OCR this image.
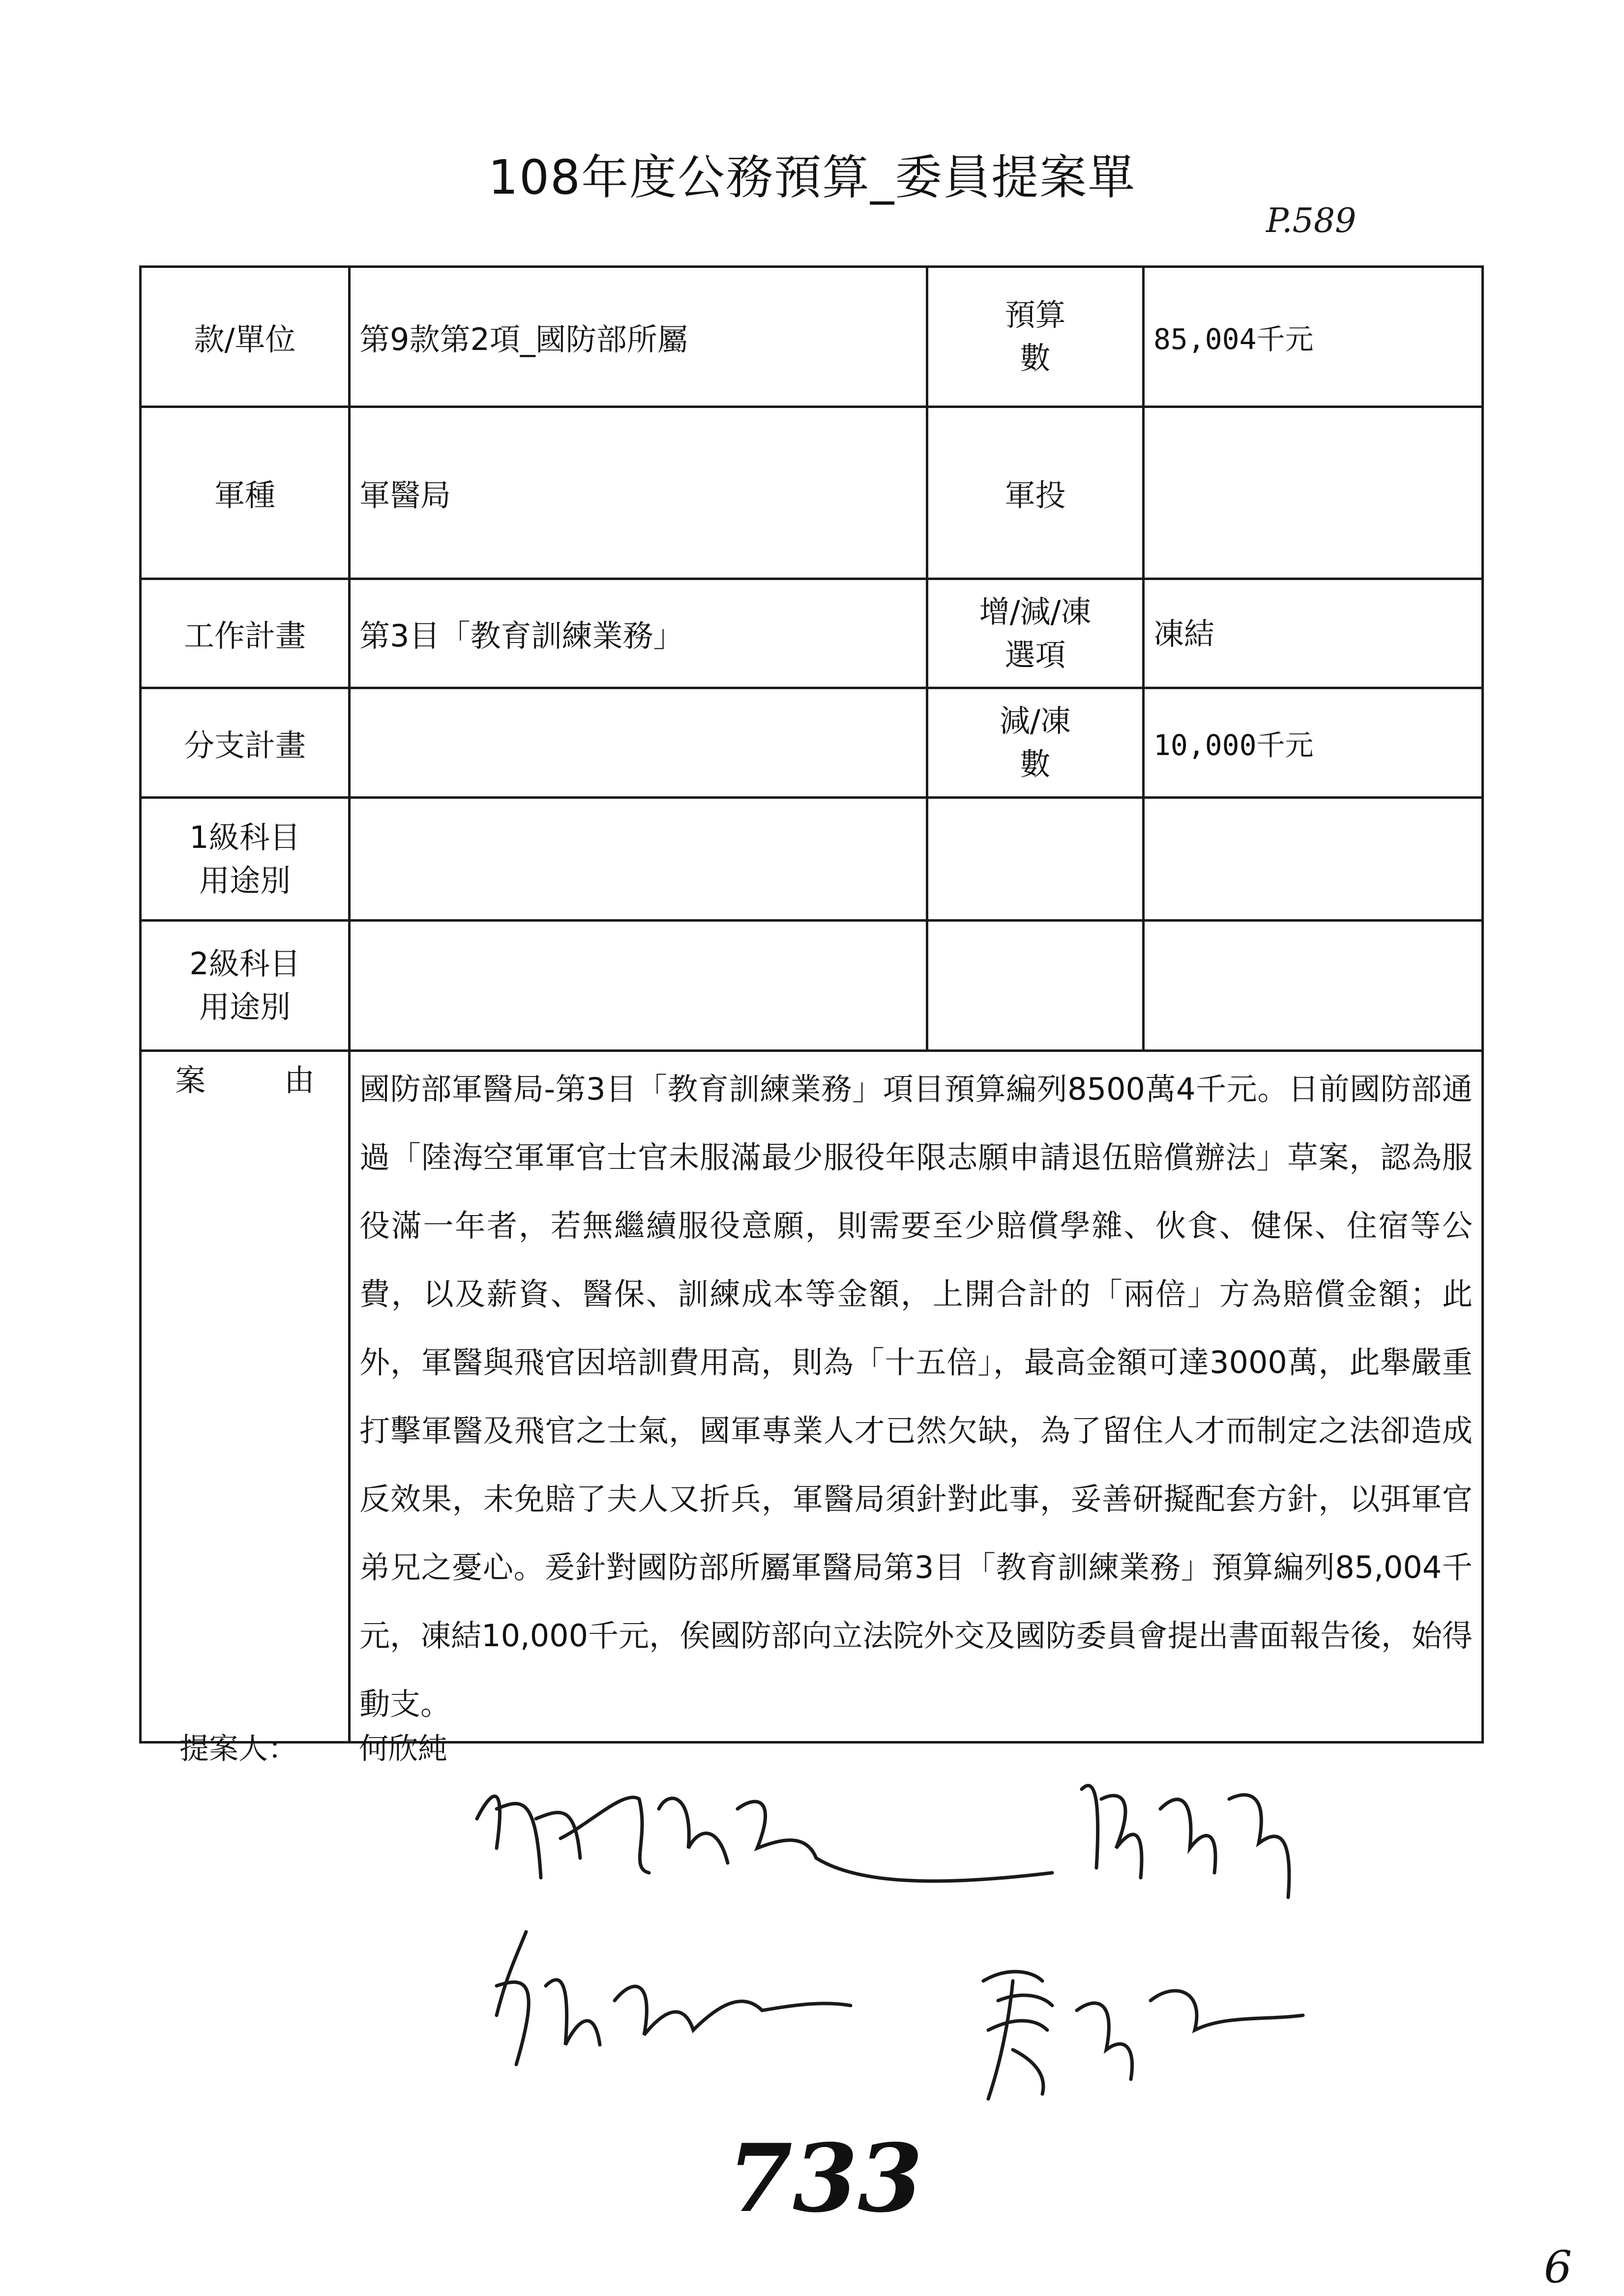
108年度公務預算_委員提案單
P.589
款/單位	第9款第2項_國防部所屬	預算數	85,004千元
軍種	軍醫局	軍投	
工作計畫	第3目「教育訓練業務」	增/減/凍選項	凍結
分支計畫		減/凍數	10,000千元
1級科目用途別			
2級科目用途別			
案 由	國防部軍醫局-第3目「教育訓練業務」項目預算編列8500萬4千元。日前國防部通過「陸海空軍軍官士官未服滿最少服役年限志願申請退伍賠償辦法」草案，認為服役滿一年者，若無繼續服役意願，則需要至少賠償學雜、伙食、健保、住宿等公費，以及薪資、醫保、訓練成本等金額，上開合計的「兩倍」方為賠償金額；此外，軍醫與飛官因培訓費用高，則為「十五倍」，最高金額可達3000萬，此舉嚴重打擊軍醫及飛官之士氣，國軍專業人才已然欠缺，為了留住人才而制定之法卻造成反效果，未免賠了夫人又折兵，軍醫局須針對此事，妥善研擬配套方針，以弭軍官弟兄之憂心。爰針對國防部所屬軍醫局第3目「教育訓練業務」預算編列85,004千元，凍結10,000千元，俟國防部向立法院外交及國防委員會提出書面報告後，始得動支。		
提案人： 何欣純
733
6
